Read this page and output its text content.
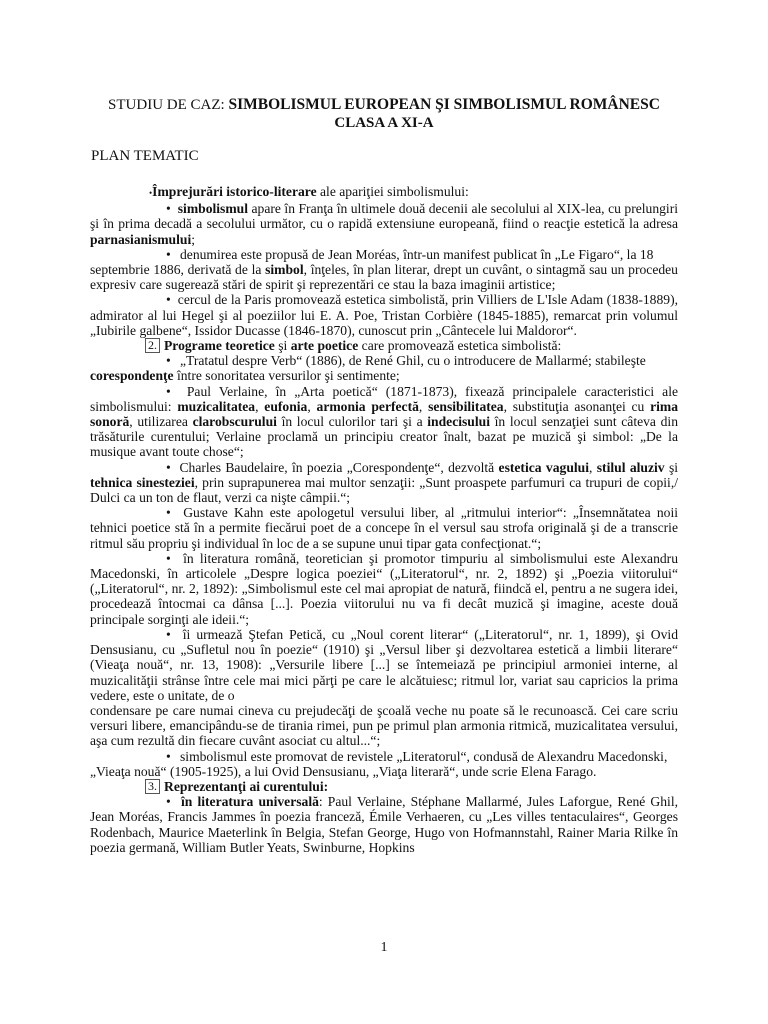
STUDIU DE CAZ: SIMBOLISMUL EUROPEAN ŞI SIMBOLISMUL ROMÂNESC
CLASA A XI-A
PLAN TEMATIC
•Împrejurări istorico-literare ale apariţiei simbolismului:
•  simbolismul apare în Franţa în ultimele două decenii ale secolului al XIX-lea, cu prelungiri şi în prima decadă a secolului următor, cu o rapidă extensiune europeană, fiind o reacţie estetică la adresa parnasianismului;
• denumirea este propusă de Jean Moréas, într-un manifest publicat în „Le Figaro“, la 18
septembrie 1886, derivată de la simbol, înţeles, în plan literar, drept un cuvânt, o sintagmă sau un procedeu expresiv care sugerează stări de spirit şi reprezentări ce stau la baza imaginii artistice;
•  cercul de la Paris promovează estetica simbolistă, prin Villiers de L'Isle Adam (1838-1889), admirator al lui Hegel şi al poeziilor lui E. A. Poe, Tristan Corbière (1845-1885), remarcat prin volumul „Iubirile galbene“, Issidor Ducasse (1846-1870), cunoscut prin „Cântecele lui Maldoror“.
2. Programe teoretice şi arte poetice care promovează estetica simbolistă:
• „Tratatul despre Verb“ (1886), de René Ghil, cu o introducere de Mallarmé; stabileşte
corespondenţe între sonoritatea versurilor şi sentimente;
•  Paul Verlaine, în „Arta poetică“ (1871-1873), fixează principalele caracteristici ale simbolismului: muzicalitatea, eufonia, armonia perfectă, sensibilitatea, substituţia asonanţei cu rima sonoră, utilizarea clarobscurului în locul culorilor tari şi a indecisului în locul senzaţiei sunt câteva din trăsăturile curentului; Verlaine proclamă un principiu creator înalt, bazat pe muzică şi simbol: „De la musique avant toute chose“;
•  Charles Baudelaire, în poezia „Corespondenţe“, dezvoltă estetica vagului, stilul aluziv şi tehnica sinesteziei, prin suprapunerea mai multor senzaţii: „Sunt proaspete parfumuri ca trupuri de copii,/ Dulci ca un ton de flaut, verzi ca nişte câmpii.“;
•  Gustave Kahn este apologetul versului liber, al „ritmului interior“: „Însemnătatea noii tehnici poetice stă în a permite fiecărui poet de a concepe în el versul sau strofa originală şi de a transcrie ritmul său propriu şi individual în loc de a se supune unui tipar gata confecţionat.“;
•  în literatura română, teoretician şi promotor timpuriu al simbolismului este Alexandru Macedonski, în articolele „Despre logica poeziei“ („Literatorul“, nr. 2, 1892) şi „Poezia viitorului“ („Literatorul“, nr. 2, 1892): „Simbolismul este cel mai apropiat de natură, fiindcă el, pentru a ne sugera idei, procedează întocmai ca dânsa [...]. Poezia viitorului nu va fi decât muzică şi imagine, aceste două principale sorginţi ale ideii.“;
•  îi urmează Ştefan Petică, cu „Noul corent literar“ („Literatorul“, nr. 1, 1899), şi Ovid Densusianu, cu „Sufletul nou în poezie“ (1910) şi „Versul liber şi dezvoltarea estetică a limbii literare“ (Vieaţa nouă“, nr. 13, 1908): „Versurile libere [...] se întemeiază pe principiul armoniei interne, al muzicalităţii strânse între cele mai mici părţi pe care le alcătuiesc; ritmul lor, variat sau capricios la prima vedere, este o unitate, de o
condensare pe care numai cineva cu prejudecăţi de şcoală veche nu poate să le recunoască. Cei care scriu versuri libere, emancipându-se de tirania rimei, pun pe primul plan armonia ritmică, muzicalitatea versului, aşa cum rezultă din fiecare cuvânt asociat cu altul...“;
• simbolismul este promovat de revistele „Literatorul“, condusă de Alexandru Macedonski,
„Vieaţa nouă“ (1905-1925), a lui Ovid Densusianu, „Viaţa literară“, unde scrie Elena Farago.
3. Reprezentanţi ai curentului:
•  în literatura universală: Paul Verlaine, Stéphane Mallarmé, Jules Laforgue, René Ghil, Jean Moréas, Francis Jammes în poezia franceză, Émile Verhaeren, cu „Les villes tentaculaires“, Georges Rodenbach, Maurice Maeterlink în Belgia, Stefan George, Hugo von Hofmannstahl, Rainer Maria Rilke în poezia germană, William Butler Yeats, Swinburne, Hopkins
1
